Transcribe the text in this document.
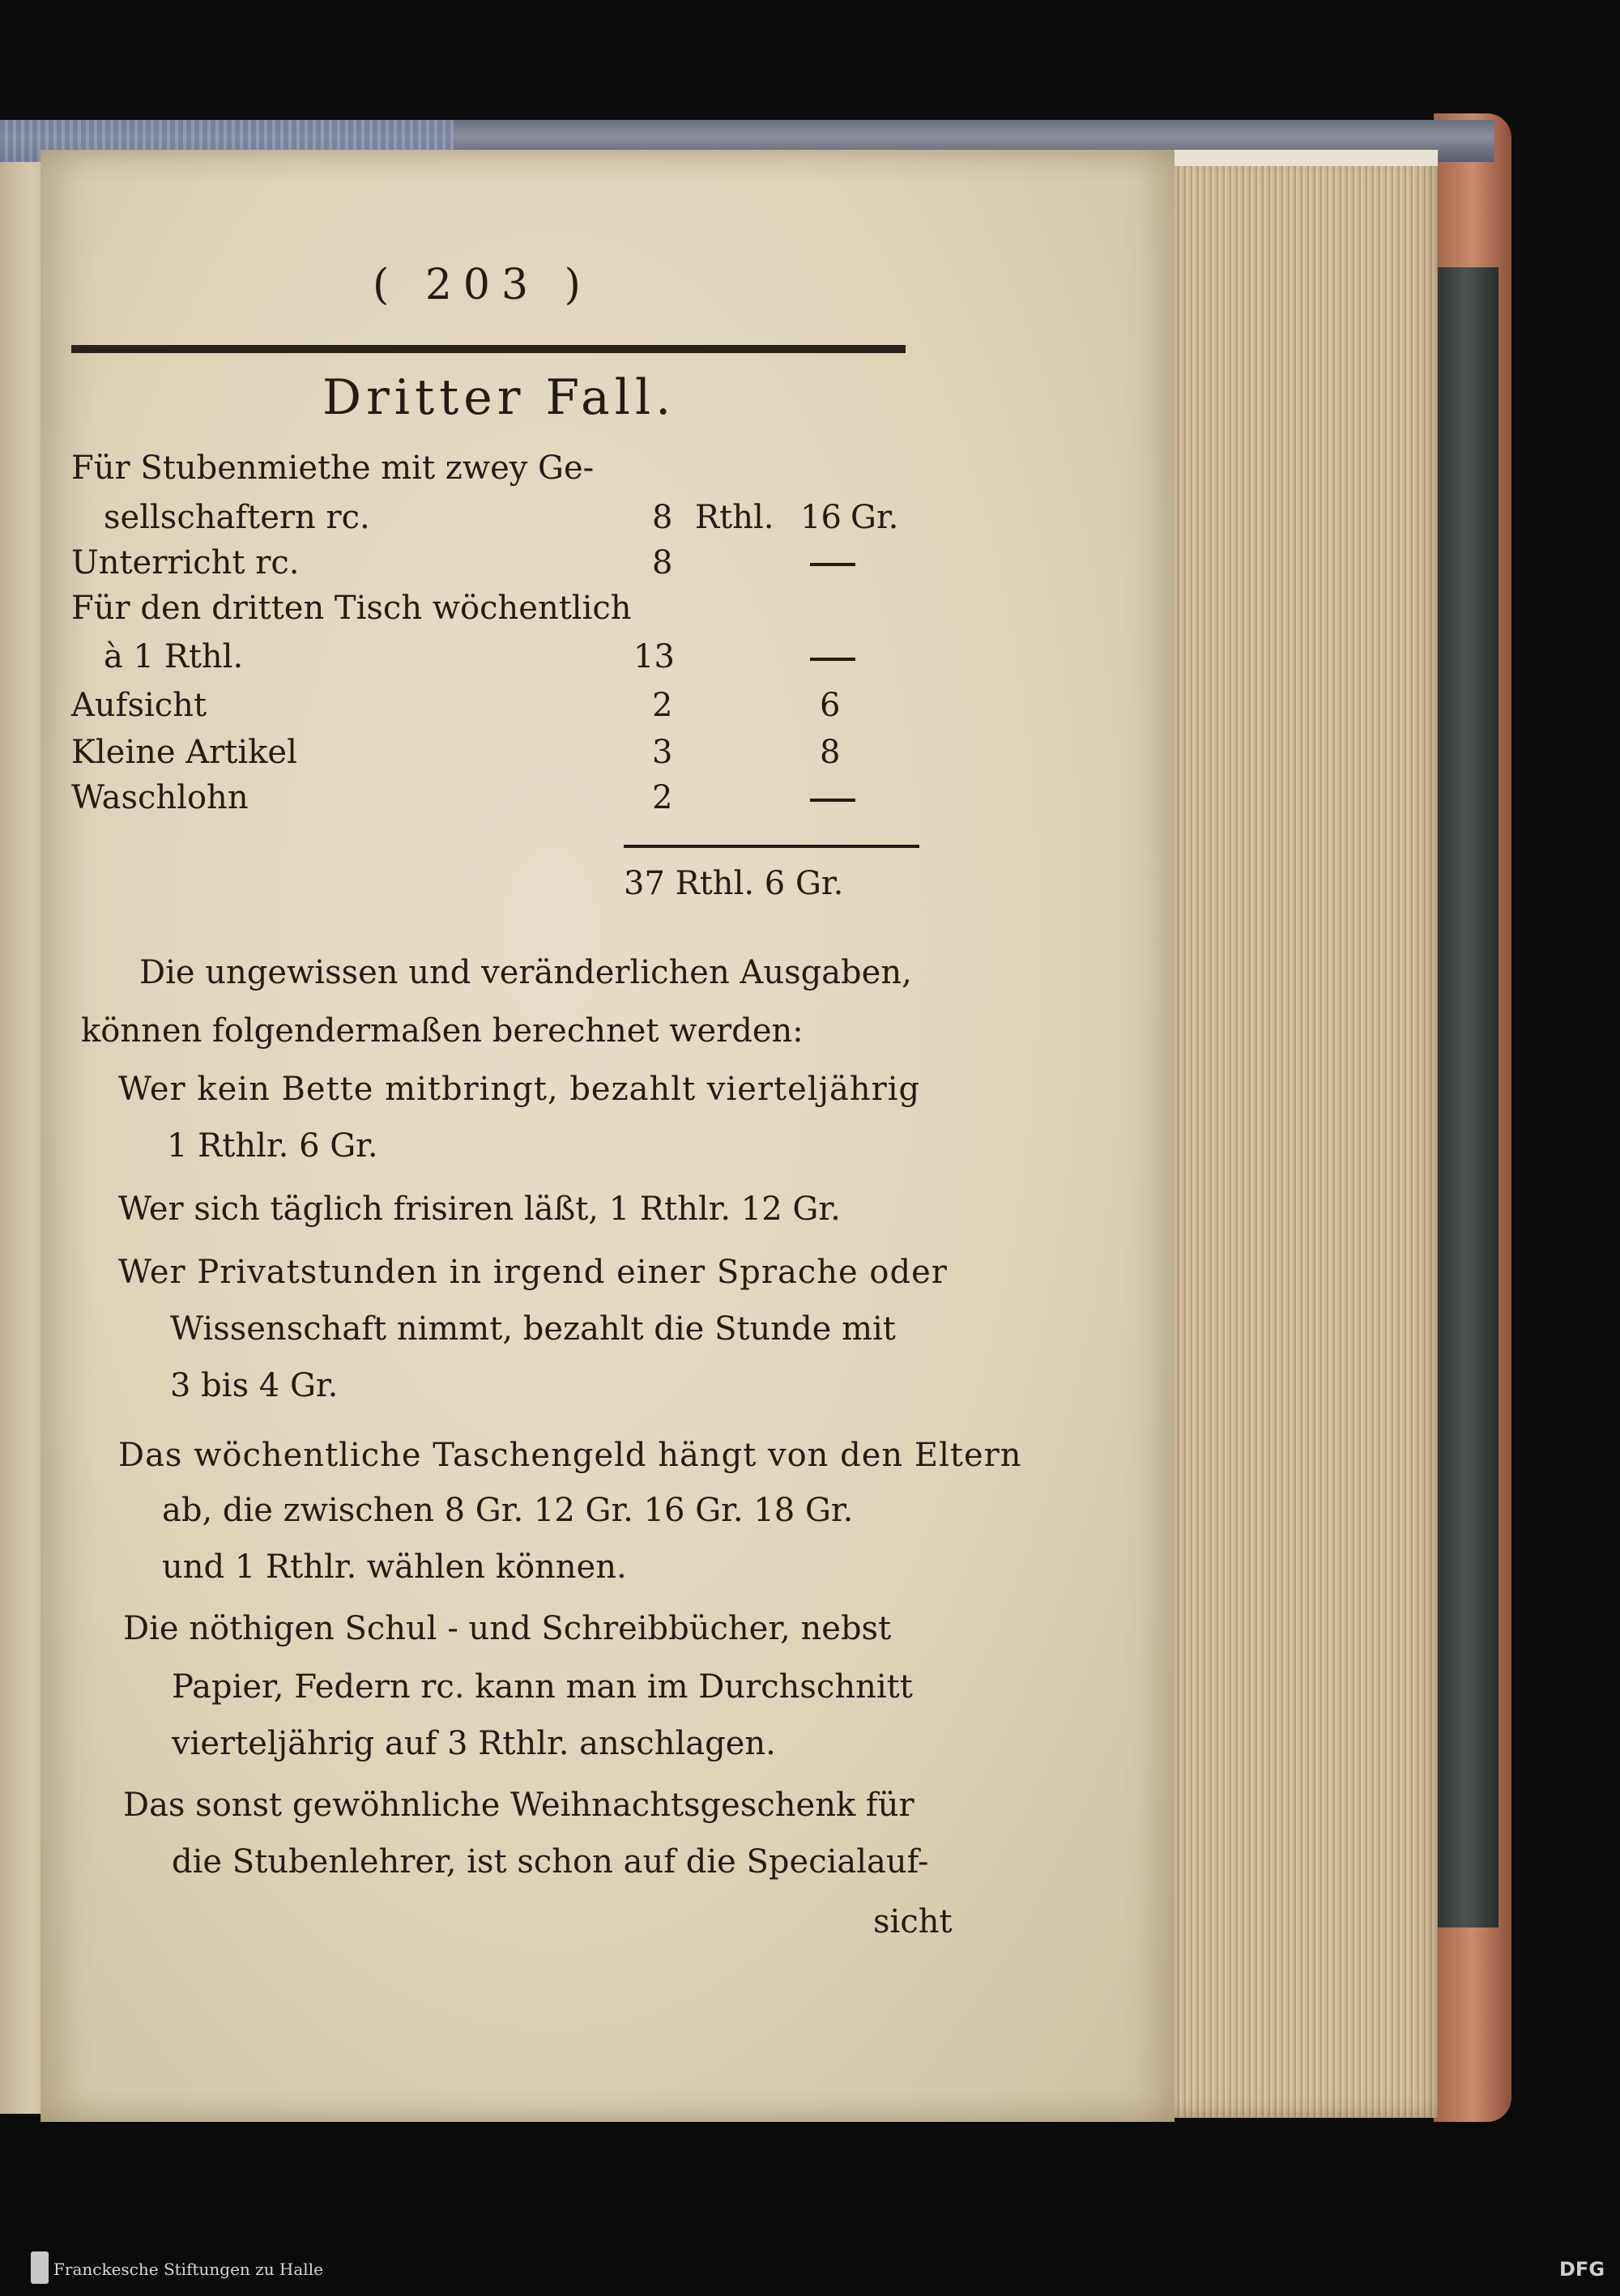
( 203 )
Dritter Fall.
Für Stubenmiethe mit zwey Ge-
sellschaftern rc.	8 Rthl. 16 Gr.
Unterricht rc.	8
Für den dritten Tisch wöchentlich
à 1 Rthl.	13
Aufsicht	2	6
Kleine Artikel	3	8
Waschlohn	2
37 Rthl. 6 Gr.
Die ungewissen und veränderlichen Ausgaben,
können folgendermaßen berechnet werden:
Wer kein Bette mitbringt, bezahlt vierteljährig
1 Rthlr. 6 Gr.
Wer sich täglich frisiren läßt, 1 Rthlr. 12 Gr.
Wer Privatstunden in irgend einer Sprache oder
Wissenschaft nimmt, bezahlt die Stunde mit
3 bis 4 Gr.
Das wöchentliche Taschengeld hängt von den Eltern
ab, die zwischen 8 Gr. 12 Gr. 16 Gr. 18 Gr.
und 1 Rthlr. wählen können.
Die nöthigen Schul - und Schreibbücher, nebst
Papier, Federn rc. kann man im Durchschnitt
vierteljährig auf 3 Rthlr. anschlagen.
Das sonst gewöhnliche Weihnachtsgeschenk für
die Stubenlehrer, ist schon auf die Specialauf-
sicht
Franckesche Stiftungen zu Halle	DFG
